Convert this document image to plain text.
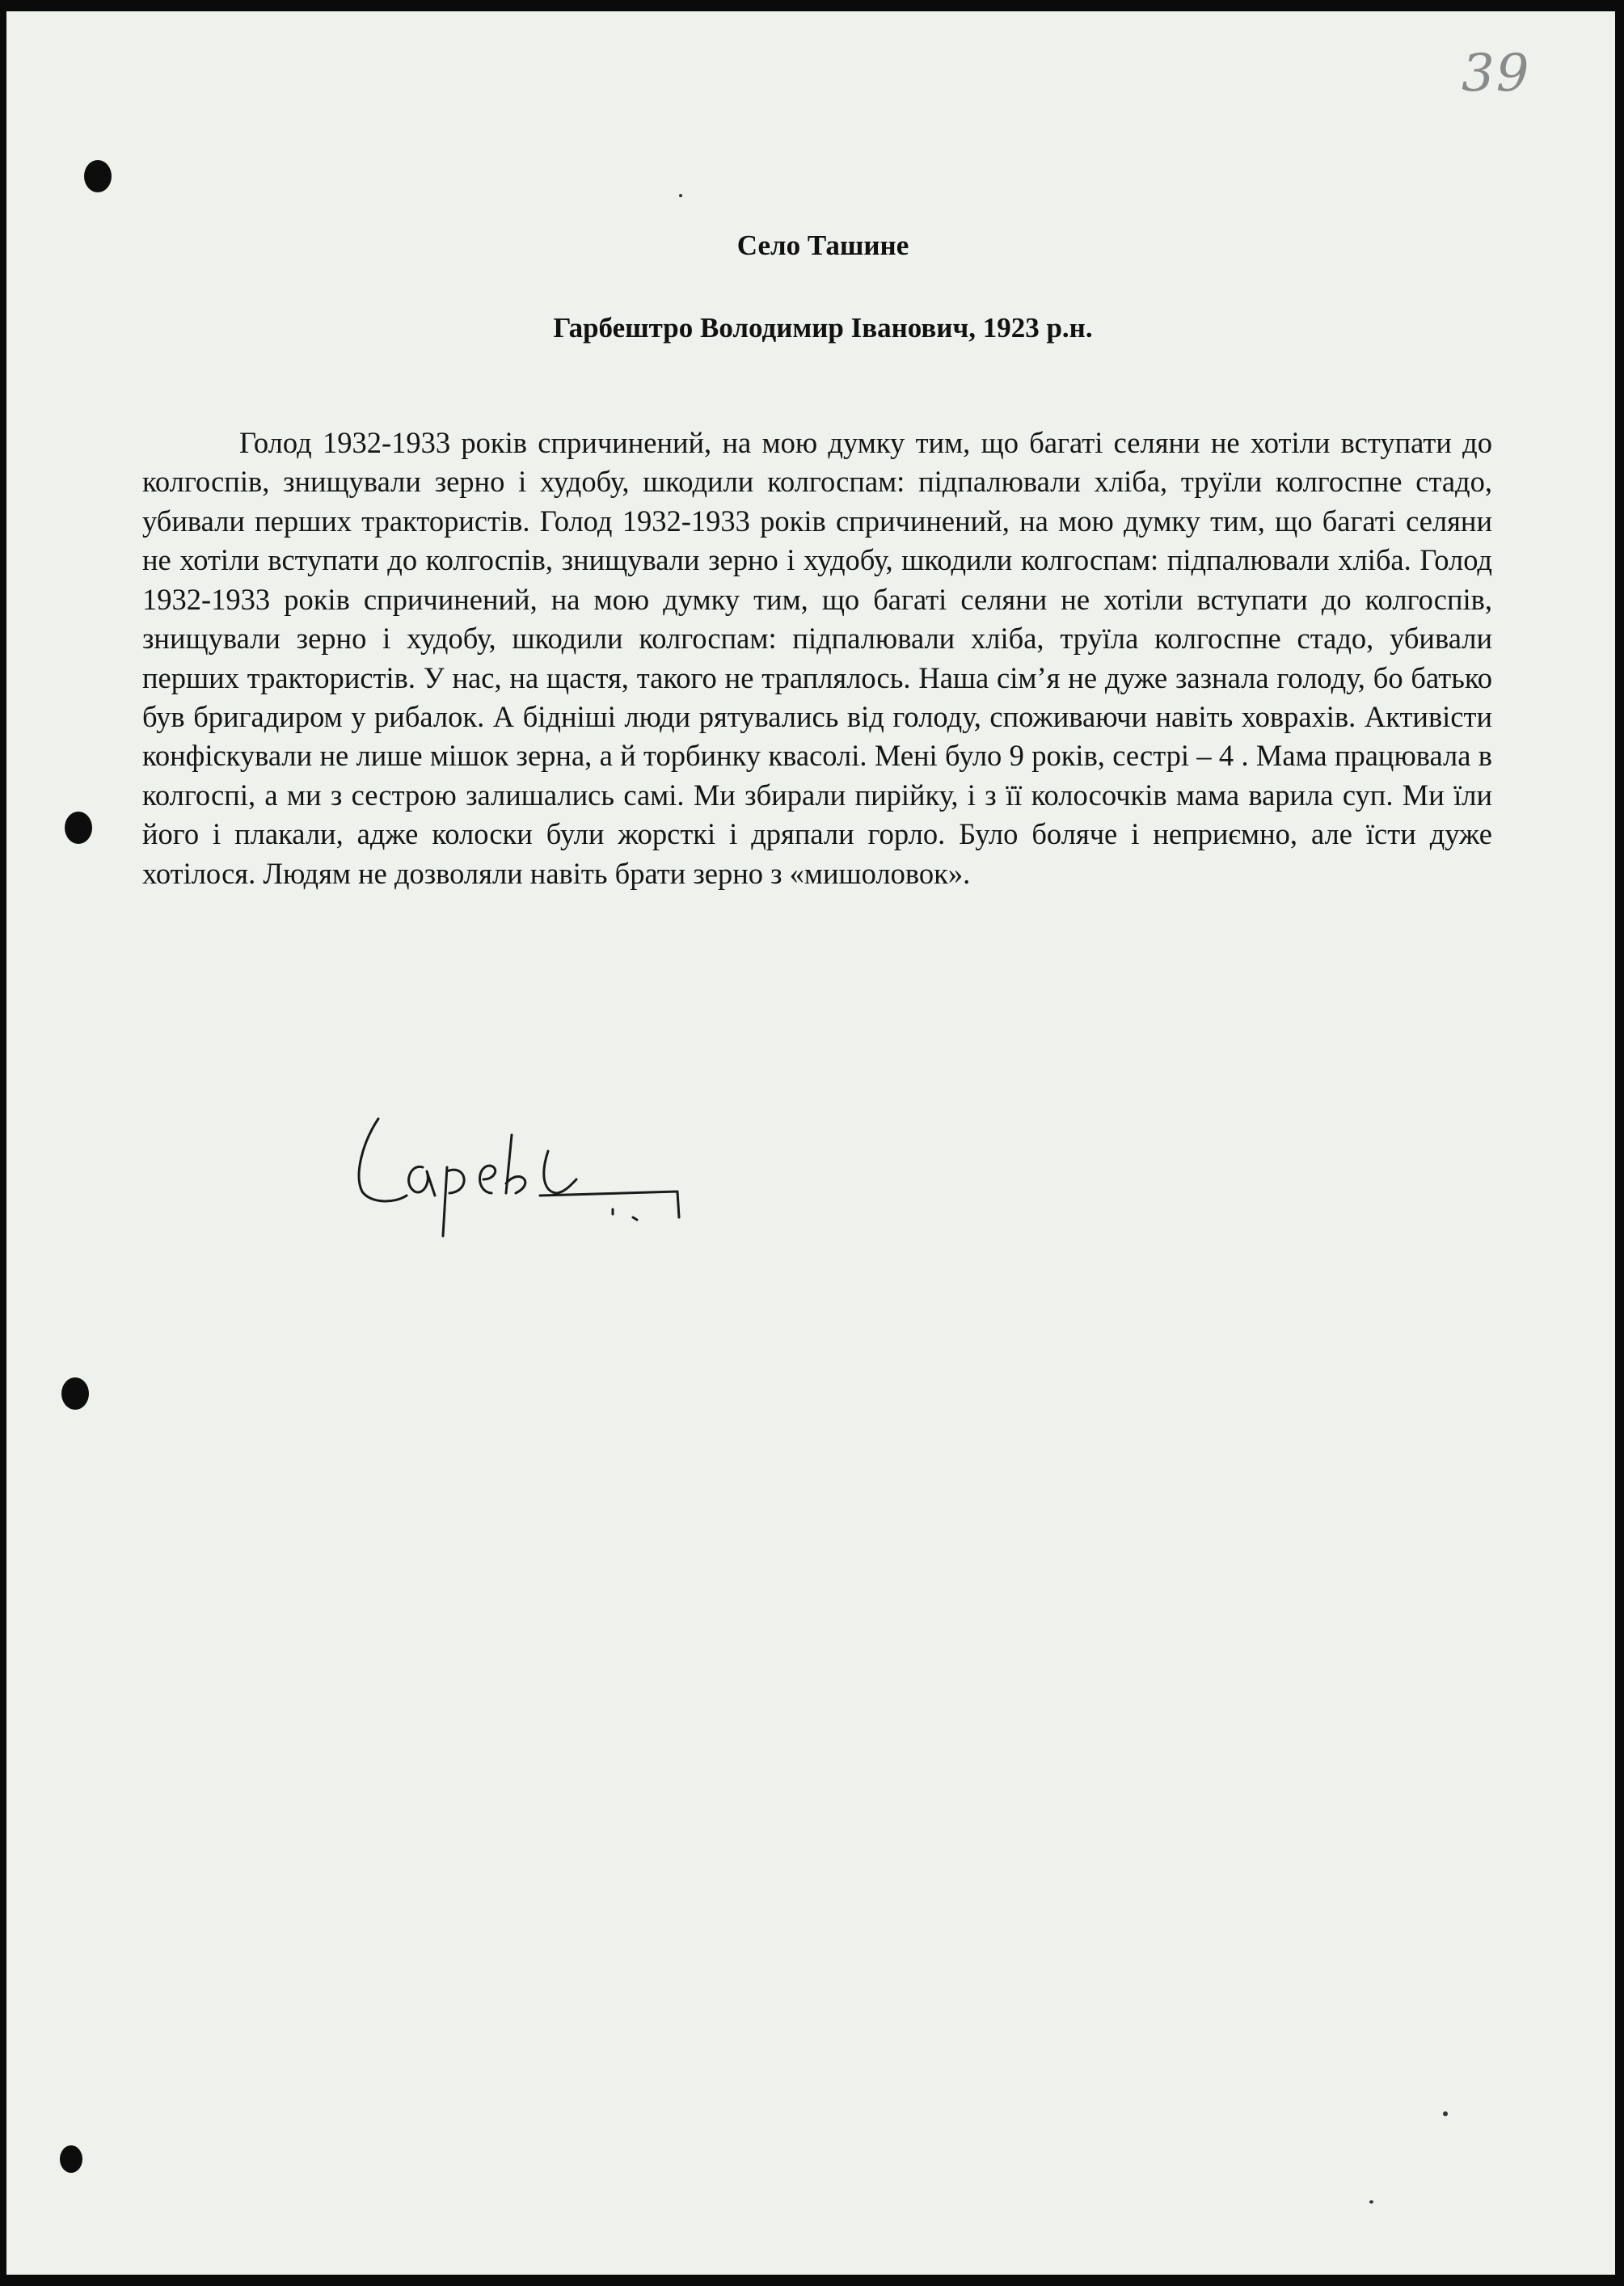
39
Село Ташине
Гарбештро Володимир Іванович, 1923 р.н.

Голод 1932-1933 років спричинений, на мою думку тим, що багаті селяни не хотіли вступати до колгоспів, знищували зерно і худобу, шкодили колгоспам: підпалювали хліба, труїли колгоспне стадо, убивали перших трактористів. Голод 1932-1933 років спричинений, на мою думку тим, що багаті селяни не хотіли вступати до колгоспів, знищували зерно і худобу, шкодили колгоспам: підпалювали хліба. Голод 1932-1933 років спричинений, на мою думку тим, що багаті селяни не хотіли вступати до колгоспів, знищували зерно і худобу, шкодили колгоспам: підпалювали хліба, труїла колгоспне стадо, убивали перших трактористів. У нас, на щастя, такого не траплялось. Наша сім’я не дуже зазнала голоду, бо батько був бригадиром у рибалок. А бідніші люди рятувались від голоду, споживаючи навіть ховрахів. Активісти конфіскували не лише мішок зерна, а й торбинку квасолі. Мені було 9 років, сестрі – 4 . Мама працювала в колгоспі, а ми з сестрою залишались самі. Ми збирали пирійку, і з її колосочків мама варила суп. Ми їли його і плакали, адже колоски були жорсткі і дряпали горло. Було боляче і неприємно, але їсти дуже хотілося. Людям не дозволяли навіть брати зерно з «мишоловок».
